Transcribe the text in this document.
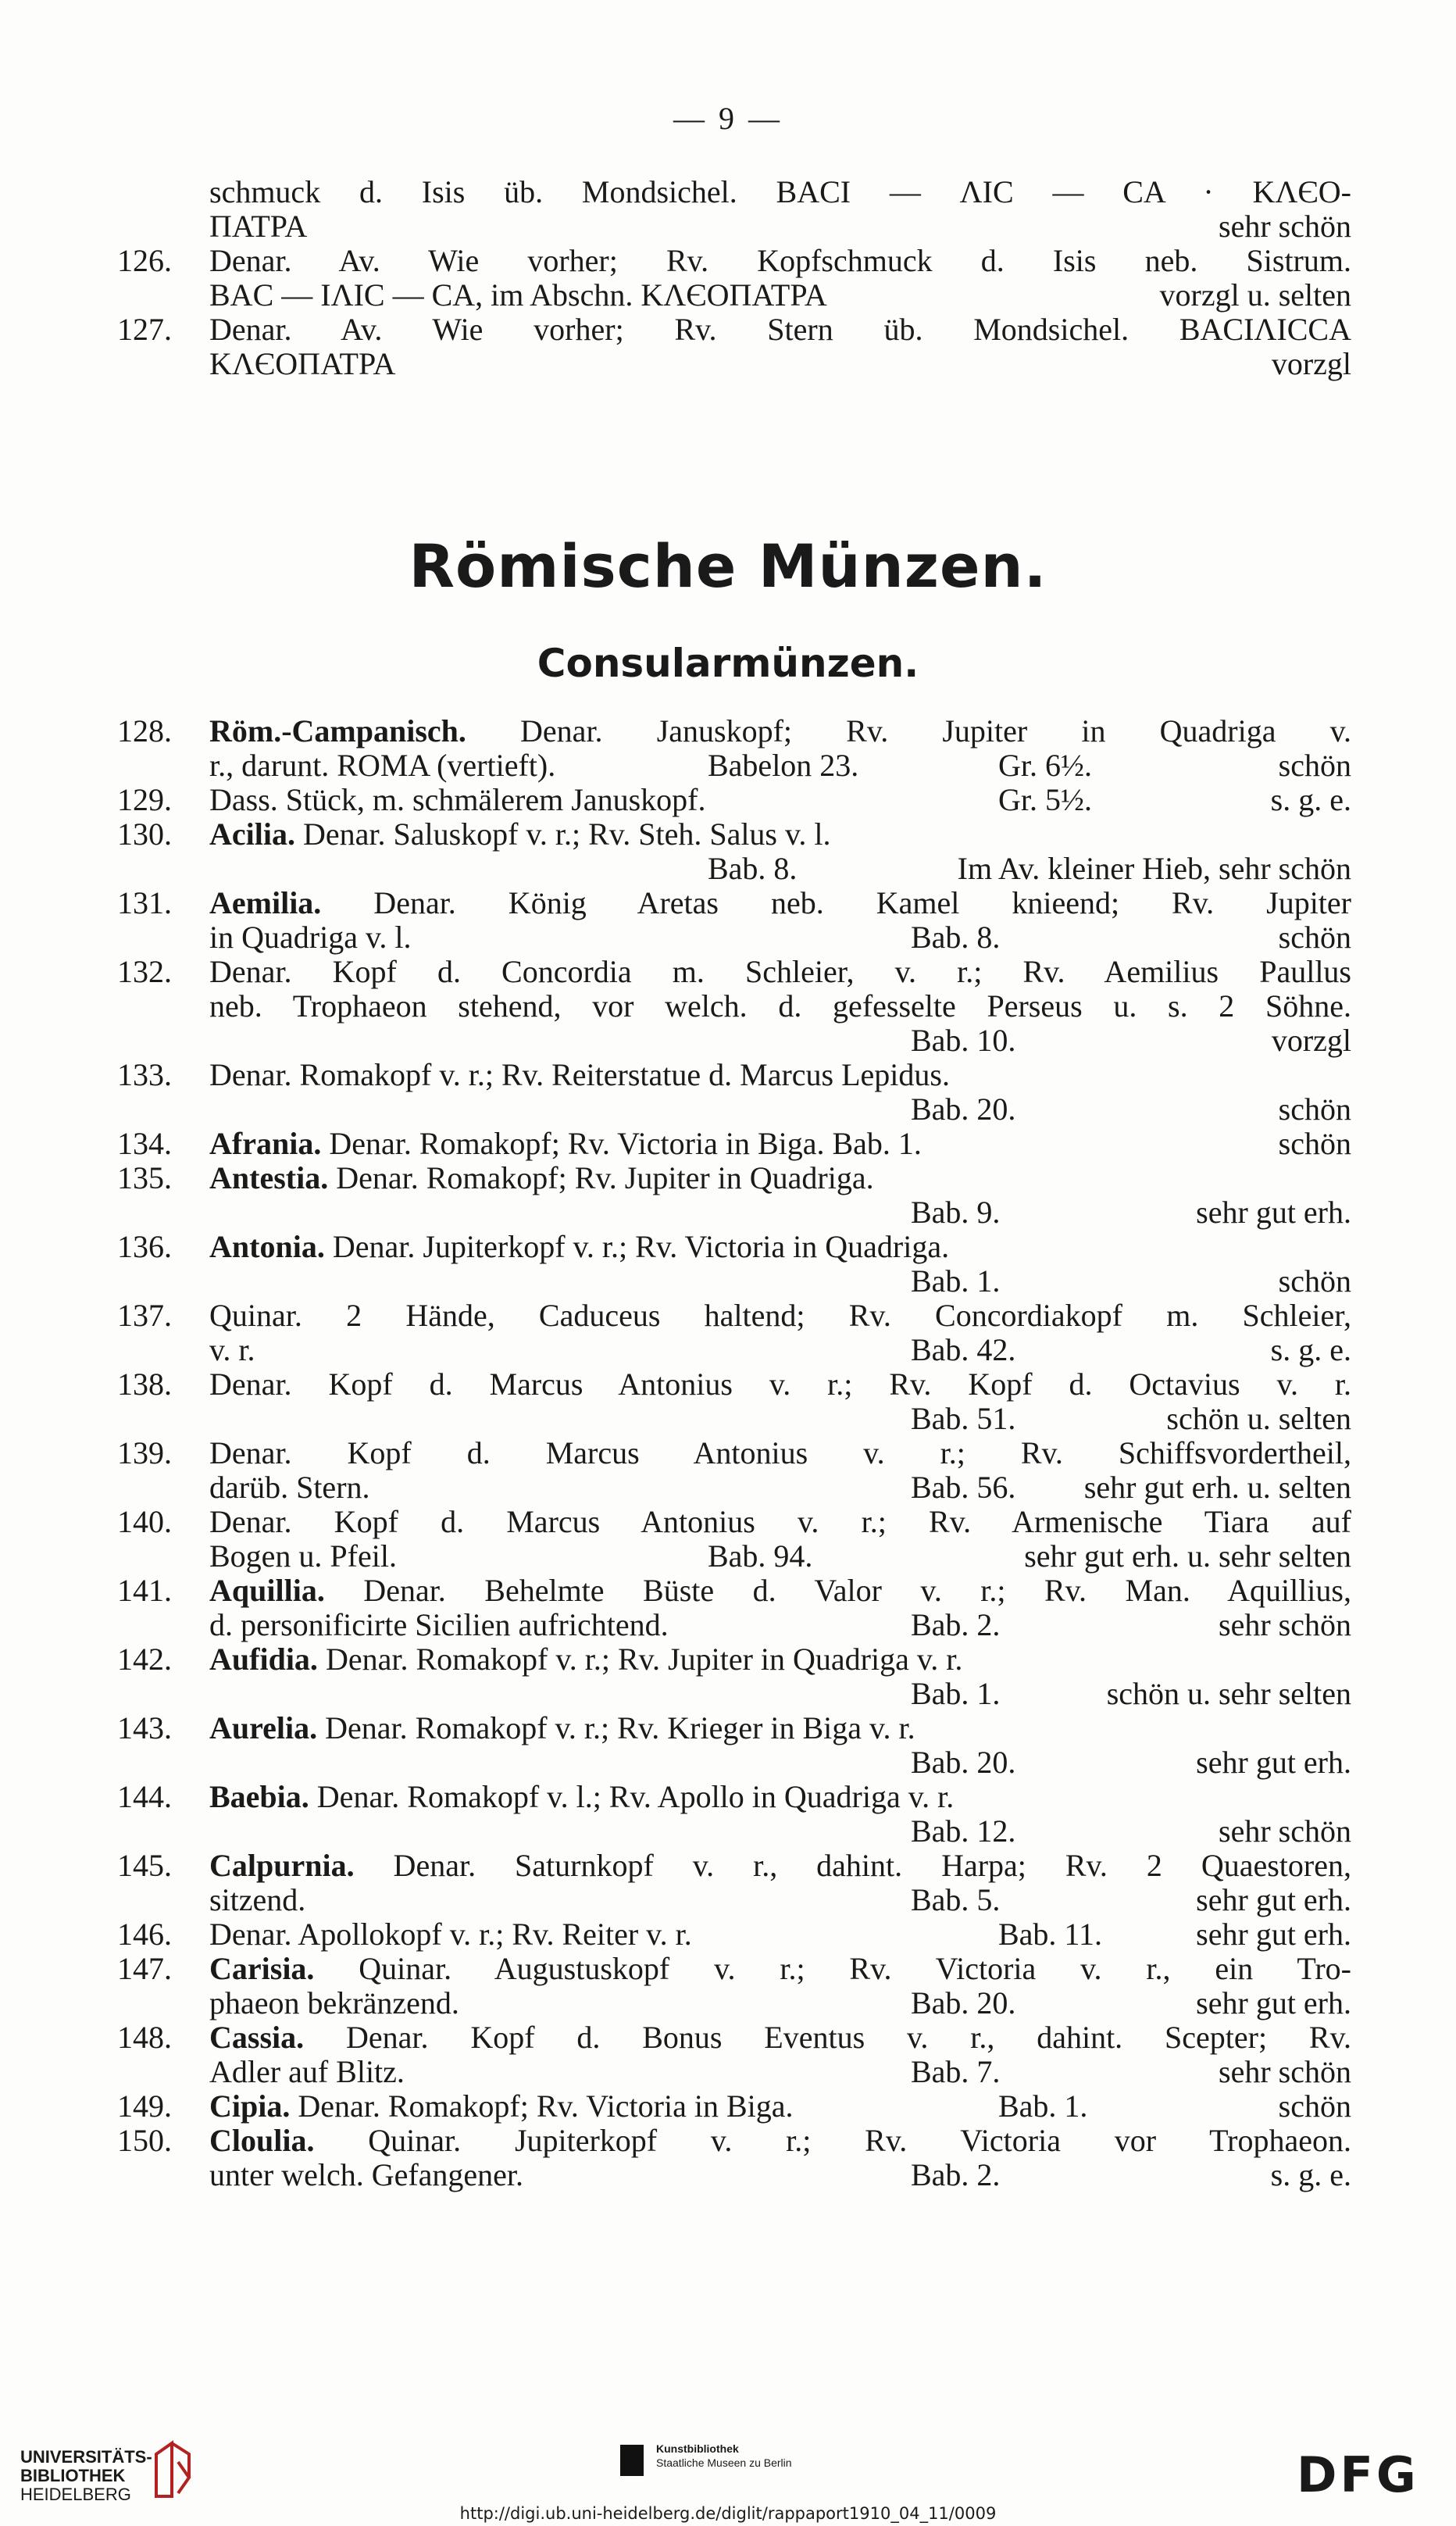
— 9 —
schmuck d. Isis üb. Mondsichel. BACI — ΛIC — CA · KΛЄO-
ΠATPA	sehr schön
126.	Denar. Av. Wie vorher; Rv. Kopfschmuck d. Isis neb. Sistrum.
BAC — IΛIC — CA, im Abschn. KΛЄOΠATPA	vorzgl u. selten
127.	Denar. Av. Wie vorher; Rv. Stern üb. Mondsichel. BACIΛICCA
KΛЄOΠATPA	vorzgl
Römische Münzen.
Consularmünzen.
128.	Röm.-Campanisch. Denar. Januskopf; Rv. Jupiter in Quadriga v.
r., darunt. ROMA (vertieft).	Babelon 23.	Gr. 6½.	schön
129.	Dass. Stück, m. schmälerem Januskopf.	Gr. 5½.	s. g. e.
130.	Acilia. Denar. Saluskopf v. r.; Rv. Steh. Salus v. l.
Bab. 8.	Im Av. kleiner Hieb, sehr schön
131.	Aemilia. Denar. König Aretas neb. Kamel knieend; Rv. Jupiter
in Quadriga v. l.	Bab. 8.	schön
132.	Denar. Kopf d. Concordia m. Schleier, v. r.; Rv. Aemilius Paullus
neb. Trophaeon stehend, vor welch. d. gefesselte Perseus u. s. 2 Söhne.
Bab. 10.	vorzgl
133.	Denar. Romakopf v. r.; Rv. Reiterstatue d. Marcus Lepidus.
Bab. 20.	schön
134.	Afrania. Denar. Romakopf; Rv. Victoria in Biga. Bab. 1.	schön
135.	Antestia. Denar. Romakopf; Rv. Jupiter in Quadriga.
Bab. 9.	sehr gut erh.
136.	Antonia. Denar. Jupiterkopf v. r.; Rv. Victoria in Quadriga.
Bab. 1.	schön
137.	Quinar. 2 Hände, Caduceus haltend; Rv. Concordiakopf m. Schleier,
v. r.	Bab. 42.	s. g. e.
138.	Denar. Kopf d. Marcus Antonius v. r.; Rv. Kopf d. Octavius v. r.
Bab. 51.	schön u. selten
139.	Denar. Kopf d. Marcus Antonius v. r.; Rv. Schiffsvordertheil,
darüb. Stern.	Bab. 56. sehr gut erh. u. selten
140.	Denar. Kopf d. Marcus Antonius v. r.; Rv. Armenische Tiara auf
Bogen u. Pfeil.	Bab. 94.	sehr gut erh. u. sehr selten
141.	Aquillia. Denar. Behelmte Büste d. Valor v. r.; Rv. Man. Aquillius,
d. personificirte Sicilien aufrichtend.	Bab. 2.	sehr schön
142.	Aufidia. Denar. Romakopf v. r.; Rv. Jupiter in Quadriga v. r.
Bab. 1.	schön u. sehr selten
143.	Aurelia. Denar. Romakopf v. r.; Rv. Krieger in Biga v. r.
Bab. 20.	sehr gut erh.
144.	Baebia. Denar. Romakopf v. l.; Rv. Apollo in Quadriga v. r.
Bab. 12.	sehr schön
145.	Calpurnia. Denar. Saturnkopf v. r., dahint. Harpa; Rv. 2 Quaestoren,
sitzend.	Bab. 5.	sehr gut erh.
146.	Denar. Apollokopf v. r.; Rv. Reiter v. r.	Bab. 11.	sehr gut erh.
147.	Carisia. Quinar. Augustuskopf v. r.; Rv. Victoria v. r., ein Tro-
phaeon bekränzend.	Bab. 20.	sehr gut erh.
148.	Cassia. Denar. Kopf d. Bonus Eventus v. r., dahint. Scepter; Rv.
Adler auf Blitz.	Bab. 7.	sehr schön
149.	Cipia. Denar. Romakopf; Rv. Victoria in Biga.	Bab. 1.	schön
150.	Cloulia. Quinar. Jupiterkopf v. r.; Rv. Victoria vor Trophaeon.
unter welch. Gefangener.	Bab. 2.	s. g. e.
UNIVERSITÄTS-
BIBLIOTHEK
HEIDELBERG
Kunstbibliothek
Staatliche Museen zu Berlin	DFG
http://digi.ub.uni-heidelberg.de/diglit/rappaport1910_04_11/0009
